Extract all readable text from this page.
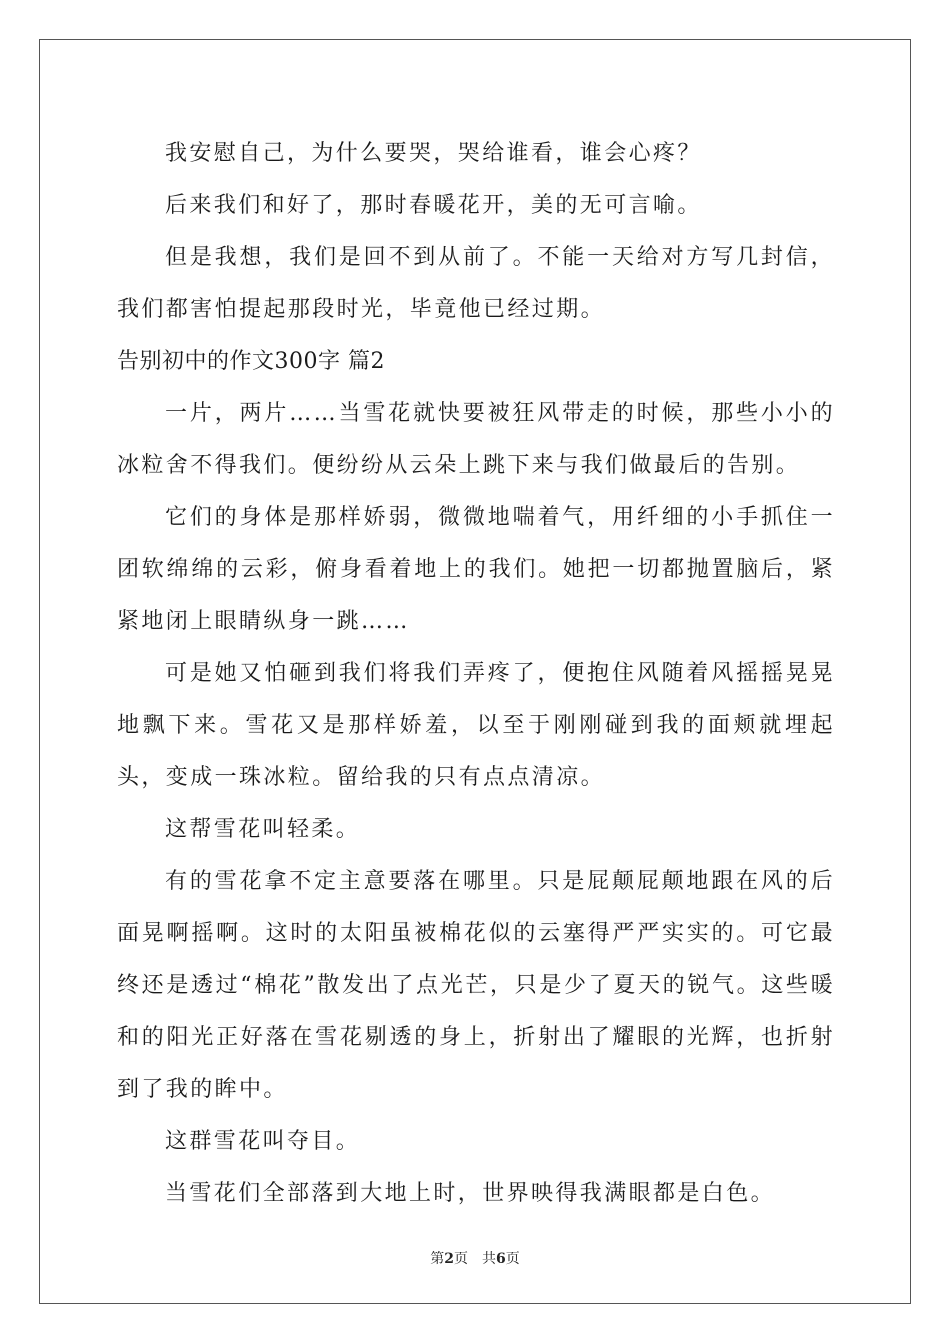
我安慰自己，为什么要哭，哭给谁看，谁会心疼？

后来我们和好了，那时春暖花开，美的无可言喻。

但是我想，我们是回不到从前了。不能一天给对方写几封信，我们都害怕提起那段时光，毕竟他已经过期。

告别初中的作文300字 篇2

一片，两片……当雪花就快要被狂风带走的时候，那些小小的冰粒舍不得我们。便纷纷从云朵上跳下来与我们做最后的告别。

它们的身体是那样娇弱，微微地喘着气，用纤细的小手抓住一团软绵绵的云彩，俯身看着地上的我们。她把一切都抛置脑后，紧紧地闭上眼睛纵身一跳……

可是她又怕砸到我们将我们弄疼了，便抱住风随着风摇摇晃晃地飘下来。雪花又是那样娇羞，以至于刚刚碰到我的面颊就埋起头，变成一珠冰粒。留给我的只有点点清凉。

这帮雪花叫轻柔。

有的雪花拿不定主意要落在哪里。只是屁颠屁颠地跟在风的后面晃啊摇啊。这时的太阳虽被棉花似的云塞得严严实实的。可它最终还是透过“棉花”散发出了点光芒，只是少了夏天的锐气。这些暖和的阳光正好落在雪花剔透的身上，折射出了耀眼的光辉，也折射到了我的眸中。

这群雪花叫夺目。

当雪花们全部落到大地上时，世界映得我满眼都是白色。

第2页 共6页
